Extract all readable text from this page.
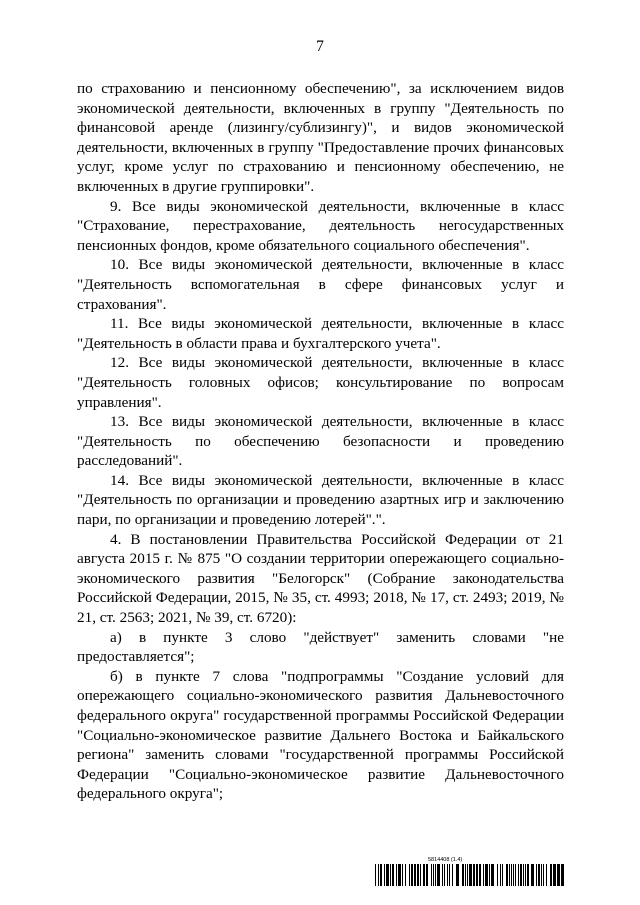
7

по страхованию и пенсионному обеспечению", за исключением видов экономической деятельности, включенных в группу "Деятельность по финансовой аренде (лизингу/сублизингу)", и видов экономической деятельности, включенных в группу "Предоставление прочих финансовых услуг, кроме услуг по страхованию и пенсионному обеспечению, не включенных в другие группировки".

9. Все виды экономической деятельности, включенные в класс "Страхование, перестрахование, деятельность негосударственных пенсионных фондов, кроме обязательного социального обеспечения".

10. Все виды экономической деятельности, включенные в класс "Деятельность вспомогательная в сфере финансовых услуг и страхования".

11. Все виды экономической деятельности, включенные в класс "Деятельность в области права и бухгалтерского учета".

12. Все виды экономической деятельности, включенные в класс "Деятельность головных офисов; консультирование по вопросам управления".

13. Все виды экономической деятельности, включенные в класс "Деятельность по обеспечению безопасности и проведению расследований".

14. Все виды экономической деятельности, включенные в класс "Деятельность по организации и проведению азартных игр и заключению пари, по организации и проведению лотерей".".

4. В постановлении Правительства Российской Федерации от 21 августа 2015 г. № 875 "О создании территории опережающего социально-экономического развития "Белогорск" (Собрание законодательства Российской Федерации, 2015, № 35, ст. 4993; 2018, № 17, ст. 2493; 2019, № 21, ст. 2563; 2021, № 39, ст. 6720):

а) в пункте 3 слово "действует" заменить словами "не предоставляется";

б) в пункте 7 слова "подпрограммы "Создание условий для опережающего социально-экономического развития Дальневосточного федерального округа" государственной программы Российской Федерации "Социально-экономическое развитие Дальнего Востока и Байкальского региона" заменить словами "государственной программы Российской Федерации "Социально-экономическое развитие Дальневосточного федерального округа";

5814408 (1.4)
